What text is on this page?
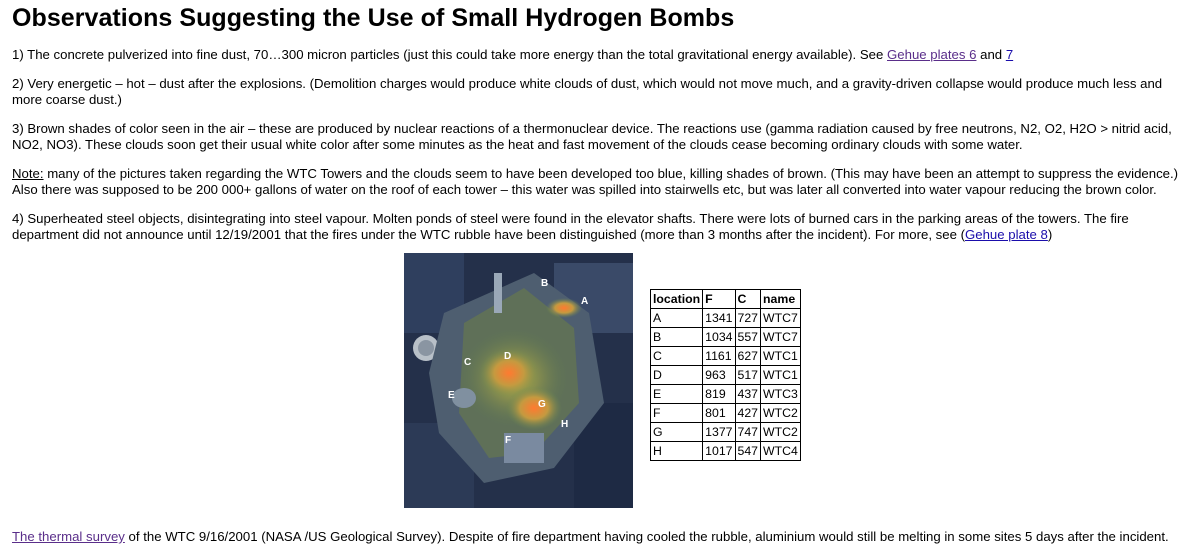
Observations Suggesting the Use of Small Hydrogen Bombs

1) The concrete pulverized into fine dust, 70…300 micron particles (just this could take more energy than the total gravitational energy available). See Gehue plates 6 and 7

2) Very energetic – hot – dust after the explosions. (Demolition charges would produce white clouds of dust, which would not move much, and a gravity-driven collapse would produce much less and more coarse dust.)

3) Brown shades of color seen in the air – these are produced by nuclear reactions of a thermonuclear device. The reactions use (gamma radiation caused by free neutrons, N2, O2, H2O > nitrid acid, NO2, NO3). These clouds soon get their usual white color after some minutes as the heat and fast movement of the clouds cease becoming ordinary clouds with some water.

Note: many of the pictures taken regarding the WTC Towers and the clouds seem to have been developed too blue, killing shades of brown. (This may have been an attempt to suppress the evidence.) Also there was supposed to be 200 000+ gallons of water on the roof of each tower – this water was spilled into stairwells etc, but was later all converted into water vapour reducing the brown color.

4) Superheated steel objects, disintegrating into steel vapour. Molten ponds of steel were found in the elevator shafts. There were lots of burned cars in the parking areas of the towers. The fire department did not announce until 12/19/2001 that the fires under the WTC rubble have been distinguished (more than 3 months after the incident). For more, see (Gehue plate 8)

B
A
C
D
E
G
H
F
location	F	C	name
A	1341	727	WTC7
B	1034	557	WTC7
C	1161	627	WTC1
D	963	517	WTC1
E	819	437	WTC3
F	801	427	WTC2
G	1377	747	WTC2
H	1017	547	WTC4

The thermal survey of the WTC 9/16/2001 (NASA /US Geological Survey). Despite of fire department having cooled the rubble, aluminium would still be melting in some sites 5 days after the incident.
